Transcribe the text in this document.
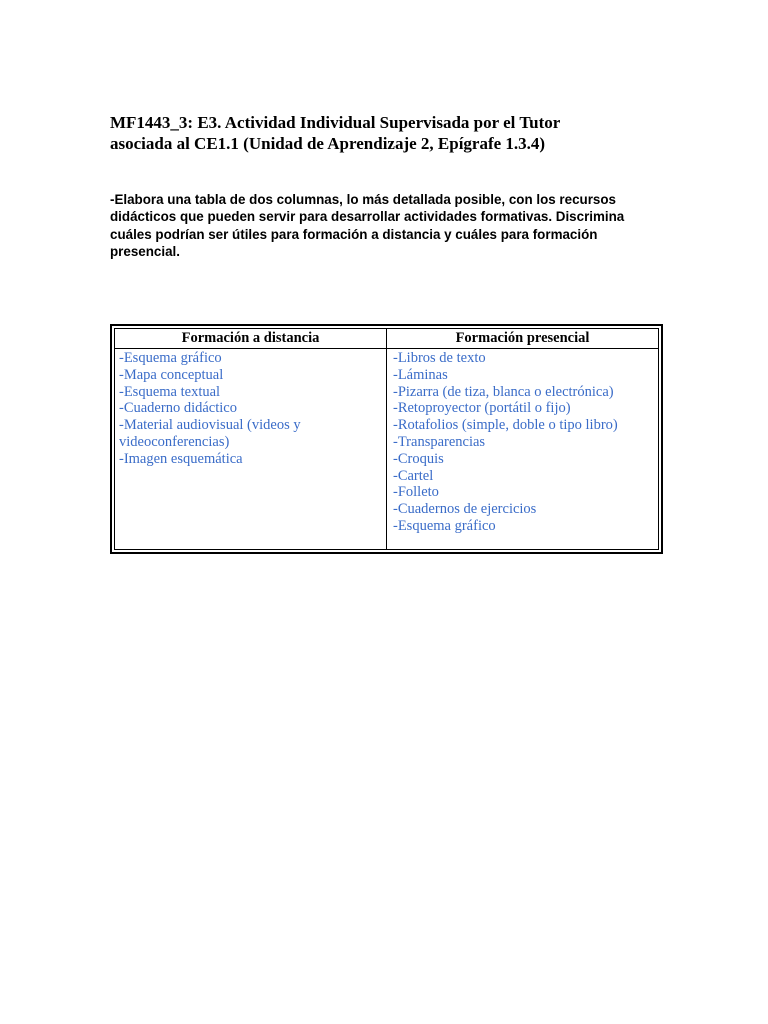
MF1443_3: E3. Actividad Individual Supervisada por el Tutor
asociada al CE1.1 (Unidad de Aprendizaje 2, Epígrafe 1.3.4)

-Elabora una tabla de dos columnas, lo más detallada posible, con los recursos
didácticos que pueden servir para desarrollar actividades formativas. Discrimina
cuáles podrían ser útiles para formación a distancia y cuáles para formación
presencial.

Formación a distancia	Formación presencial
-Esquema gráfico
-Mapa conceptual
-Esquema textual
-Cuaderno didáctico
-Material audiovisual (videos y videoconferencias)
-Imagen esquemática
-Libros de texto
-Láminas
-Pizarra (de tiza, blanca o electrónica)
-Retoproyector (portátil o fijo)
-Rotafolios (simple, doble o tipo libro)
-Transparencias
-Croquis
-Cartel
-Folleto
-Cuadernos de ejercicios
-Esquema gráfico
